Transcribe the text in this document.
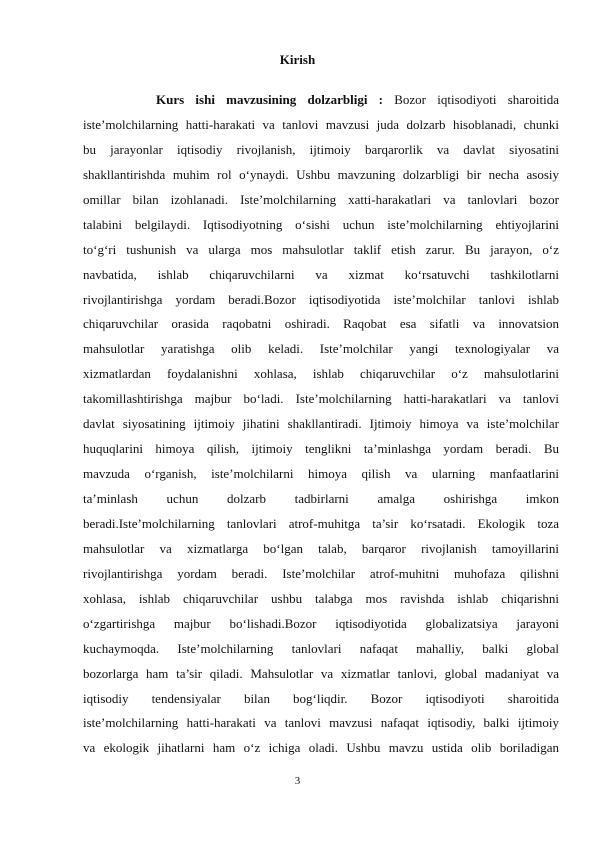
Kirish
Kurs ishi mavzusining dolzarbligi : Bozor iqtisodiyoti sharoitida
iste’molchilarning hatti-harakati va tanlovi mavzusi juda dolzarb hisoblanadi, chunki
bu jarayonlar iqtisodiy rivojlanish, ijtimoiy barqarorlik va davlat siyosatini
shakllantirishda muhim rol o‘ynaydi. Ushbu mavzuning dolzarbligi bir necha asosiy
omillar bilan izohlanadi. Iste’molchilarning xatti-harakatlari va tanlovlari bozor
talabini belgilaydi. Iqtisodiyotning o‘sishi uchun iste’molchilarning ehtiyojlarini
to‘g‘ri tushunish va ularga mos mahsulotlar taklif etish zarur. Bu jarayon, o‘z
navbatida, ishlab chiqaruvchilarni va xizmat ko‘rsatuvchi tashkilotlarni
rivojlantirishga yordam beradi.Bozor iqtisodiyotida iste’molchilar tanlovi ishlab
chiqaruvchilar orasida raqobatni oshiradi. Raqobat esa sifatli va innovatsion
mahsulotlar yaratishga olib keladi. Iste’molchilar yangi texnologiyalar va
xizmatlardan foydalanishni xohlasa, ishlab chiqaruvchilar o‘z mahsulotlarini
takomillashtirishga majbur bo‘ladi. Iste’molchilarning hatti-harakatlari va tanlovi
davlat siyosatining ijtimoiy jihatini shakllantiradi. Ijtimoiy himoya va iste’molchilar
huquqlarini himoya qilish, ijtimoiy tenglikni ta’minlashga yordam beradi. Bu
mavzuda o‘rganish, iste’molchilarni himoya qilish va ularning manfaatlarini
ta’minlash uchun dolzarb tadbirlarni amalga oshirishga imkon
beradi.Iste’molchilarning tanlovlari atrof-muhitga ta’sir ko‘rsatadi. Ekologik toza
mahsulotlar va xizmatlarga bo‘lgan talab, barqaror rivojlanish tamoyillarini
rivojlantirishga yordam beradi. Iste’molchilar atrof-muhitni muhofaza qilishni
xohlasa, ishlab chiqaruvchilar ushbu talabga mos ravishda ishlab chiqarishni
o‘zgartirishga majbur bo‘lishadi.Bozor iqtisodiyotida globalizatsiya jarayoni
kuchaymoqda. Iste’molchilarning tanlovlari nafaqat mahalliy, balki global
bozorlarga ham ta’sir qiladi. Mahsulotlar va xizmatlar tanlovi, global madaniyat va
iqtisodiy tendensiyalar bilan bog‘liqdir. Bozor iqtisodiyoti sharoitida
iste’molchilarning hatti-harakati va tanlovi mavzusi nafaqat iqtisodiy, balki ijtimoiy
va ekologik jihatlarni ham o‘z ichiga oladi. Ushbu mavzu ustida olib boriladigan
3
